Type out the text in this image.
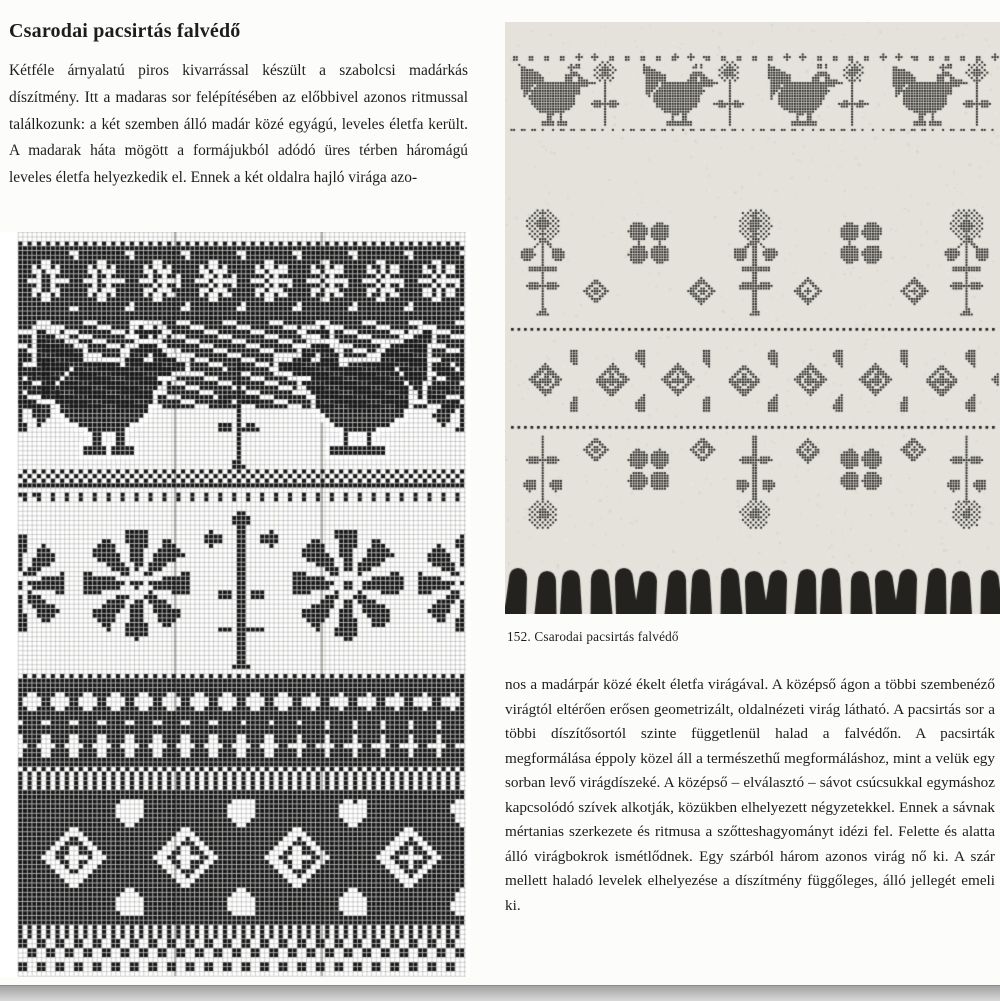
Csarodai pacsirtás falvédő
Kétféle árnyalatú piros kivarrással készült a szabolcsi madárkás díszítmény. Itt a madaras sor felépítésében az előbbivel azonos ritmussal találkozunk: a két szemben álló madár közé egyágú, leveles életfa került. A madarak háta mögött a formájukból adódó üres térben háromágú leveles életfa helyezkedik el. Ennek a két oldalra hajló virága azo-
152. Csarodai pacsirtás falvédő
nos a madárpár közé ékelt életfa virágával. A középső ágon a többi szembenéző virágtól eltérően erősen geometrizált, oldalnézeti virág látható. A pacsirtás sor a többi díszítősortól szinte függetlenül halad a falvédőn. A pacsirták megformálása éppoly közel áll a természethű megformáláshoz, mint a velük egy sorban levő virágdíszeké. A középső – elválasztó – sávot csúcsukkal egymáshoz kapcsolódó szívek alkotják, közükben elhelyezett négyzetekkel. Ennek a sávnak mértanias szerkezete és ritmusa a szőtteshagyományt idézi fel. Felette és alatta álló virágbokrok ismétlődnek. Egy szárból három azonos virág nő ki. A szár mellett haladó levelek elhelyezése a díszítmény függőleges, álló jellegét emeli ki.
